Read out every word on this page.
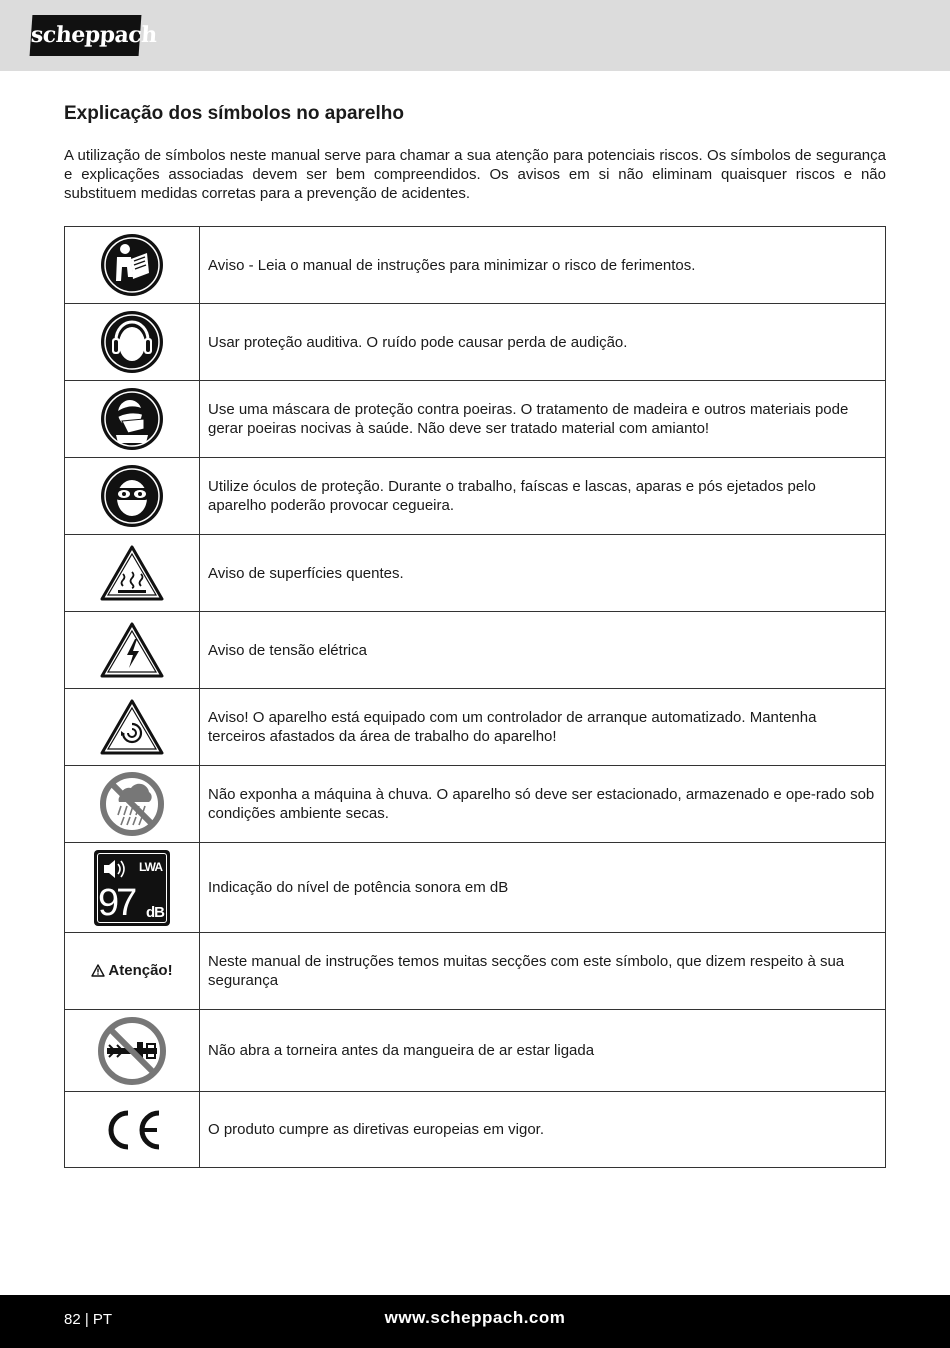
scheppach
Explicação dos símbolos no aparelho

A utilização de símbolos neste manual serve para chamar a sua atenção para potenciais riscos. Os símbolos de segurança e explicações associadas devem ser bem compreendidos. Os avisos em si não eliminam quaisquer riscos e não substituem medidas corretas para a prevenção de acidentes.

	Aviso - Leia o manual de instruções para minimizar o risco de ferimentos.
	Usar proteção auditiva. O ruído pode causar perda de audição.
	Use uma máscara de proteção contra poeiras. O tratamento de madeira e outros materiais pode gerar poeiras nocivas à saúde. Não deve ser tratado material com amianto!
	Utilize óculos de proteção. Durante o trabalho, faíscas e lascas, aparas e pós ejetados pelo aparelho poderão provocar cegueira.
	Aviso de superfícies quentes.
	Aviso de tensão elétrica
	Aviso! O aparelho está equipado com um controlador de arranque automatizado. Mantenha terceiros afastados da área de trabalho do aparelho!
	Não exponha a máquina à chuva. O aparelho só deve ser estacionado, armazenado e ope-rado sob condições ambiente secas.

LWA
97 dB	Indicação do nível de potência sonora em dB
Atenção!	Neste manual de instruções temos muitas secções com este símbolo, que dizem respeito à sua segurança
	Não abra a torneira antes da mangueira de ar estar ligada
	O produto cumpre as diretivas europeias em vigor.
82 | PT	www.scheppach.com
